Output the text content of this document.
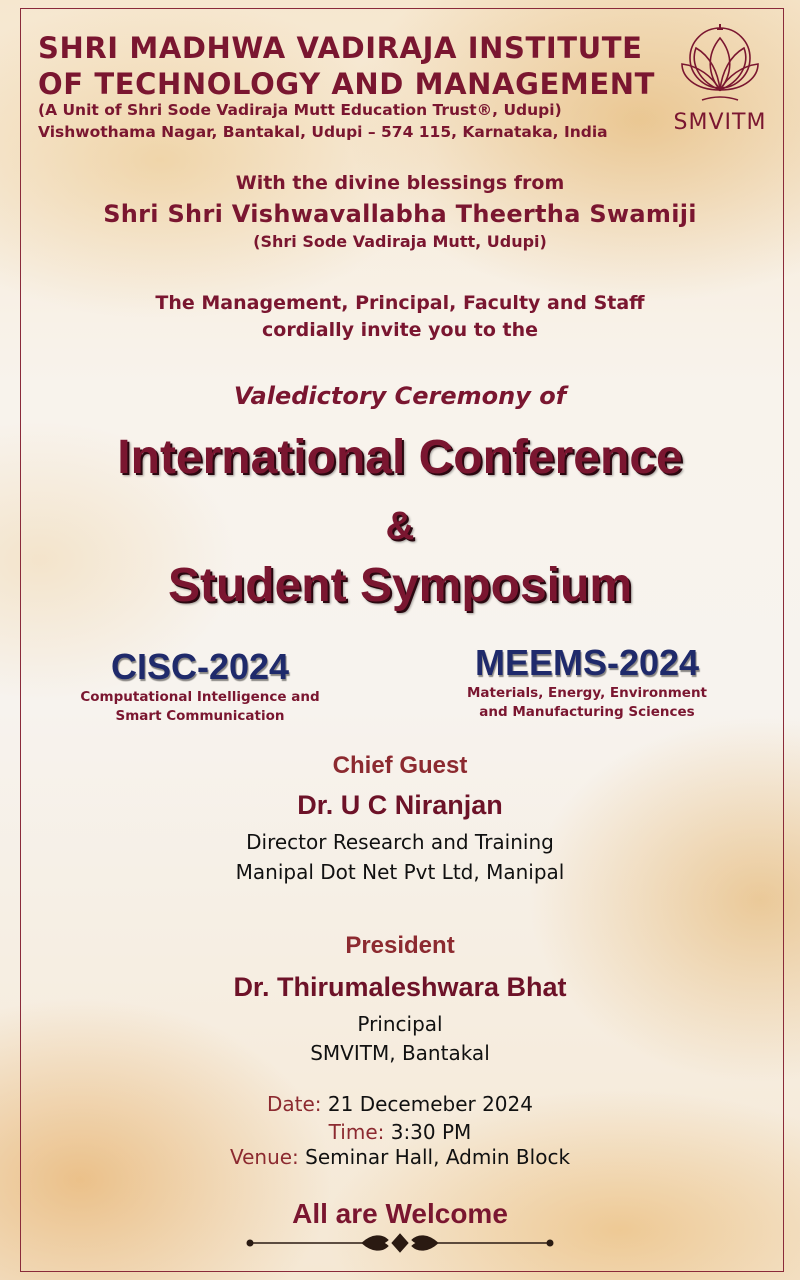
SHRI MADHWA VADIRAJA INSTITUTE
OF TECHNOLOGY AND MANAGEMENT
(A Unit of Shri Sode Vadiraja Mutt Education Trust®, Udupi)
Vishwothama Nagar, Bantakal, Udupi – 574 115, Karnataka, India	SMVITM
With the divine blessings from
Shri Shri Vishwavallabha Theertha Swamiji
(Shri Sode Vadiraja Mutt, Udupi)
The Management, Principal, Faculty and Staff
cordially invite you to the
Valedictory Ceremony of
International Conference
&
Student Symposium
CISC-2024
Computational Intelligence and
Smart Communication
MEEMS-2024
Materials, Energy, Environment
and Manufacturing Sciences
Chief Guest
Dr. U C Niranjan
Director Research and Training
Manipal Dot Net Pvt Ltd, Manipal
President
Dr. Thirumaleshwara Bhat
Principal
SMVITM, Bantakal
Date: 21 Decemeber 2024
Time: 3:30 PM
Venue: Seminar Hall, Admin Block
All are Welcome
